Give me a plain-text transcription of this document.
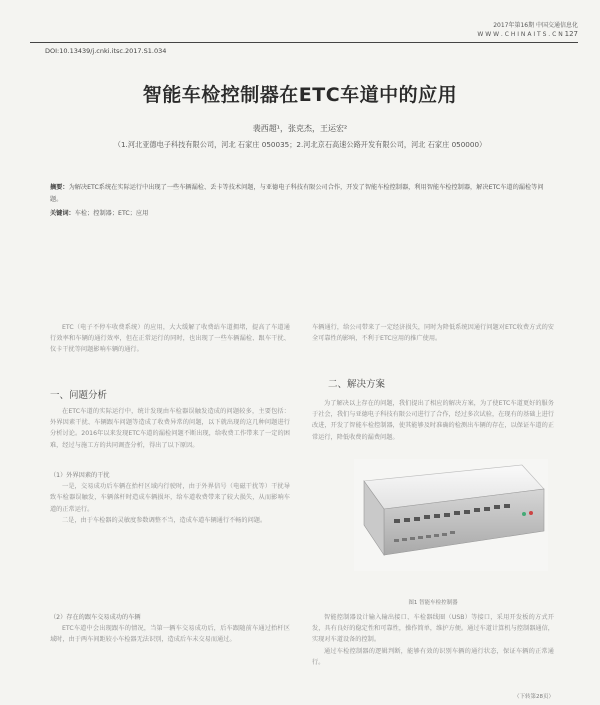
2017年第16期 中国交通信息化
W W W . C H I N A I T S . C N 127
DOI:10.13439/j.cnki.itsc.2017.S1.034
智能车检控制器在ETC车道中的应用
裴西超¹，张克杰，王运宏²
（1.河北亚德电子科技有限公司，河北 石家庄 050035；2.河北京石高速公路开发有限公司，河北 石家庄 050000）
摘要：为解决ETC系统在实际运行中出现了一些车辆漏检、丢卡等技术问题，与亚德电子科技有限公司合作，开发了智能车检控制器，利用智能车检控制器，解决ETC车道的漏检等问题。
关键词：车检；控制器；ETC；应用

ETC（电子不停车收费系统）的应用，大大缓解了收费站车道拥堵，提高了车道通行效率和车辆的通行效率，但在正常运行的同时，也出现了一些车辆漏检、跟车干扰、仪卡干扰等问题影响车辆的通行。

一、问题分析

在ETC车道的实际运行中，统计发现由车检器误触发造成的问题较多，主要包括：外界因素干扰、车辆跟车问题等造成了收费异常的问题，以下就出现的这几种问题进行分析讨论。2016年以来发现ETC车道的漏检问题不断出现，给收费工作带来了一定的困难，经过与施工方的共同调查分析，得出了以下原因。

（1）外界因素的干扰

一是，交易成功后车辆在抬杆区域内行驶时，由于外界信号（电磁干扰等）干扰导致车检器误触发，车辆落杆时造成车辆损坏，给车道收费带来了较大损失，从而影响车道的正常运行。

二是，由于车检器的灵敏度参数调整不当，造成车道车辆通行不畅的问题。

（2）存在的跟车交易成功的车辆

ETC车道中会出现跟车的情况，当第一辆车交易成功后，后车跟随前车通过抬杆区域时，由于两车间距较小车检器无法识别，造成后车未交易而通过。

车辆通行，给公司带来了一定经济损失，同时为降低系统因通行问题对ETC收费方式的安全可靠性的影响，不利于ETC应用的推广使用。

二、解决方案

为了解决以上存在的问题，我们提出了相应的解决方案，为了使ETC车道更好的服务于社会，我们与亚德电子科技有限公司进行了合作，经过多次试验，在现有的基础上进行改进，开发了智能车检控制器，使其能够及时准确的检测出车辆的存在，以保证车道的正常运行，降低收费的漏费问题。

图1 智能车检控制器

智能控制器设计输入输出接口、车检器线圈（USB）等接口，采用开发板的方式开发，具有良好的稳定性和可靠性，操作简单，维护方便。通过车道计算机与控制器通信，实现对车道设备的控制。

通过车检控制器的逻辑判断，能够有效的识别车辆的通行状态，保证车辆的正常通行。

（下转第28页）
